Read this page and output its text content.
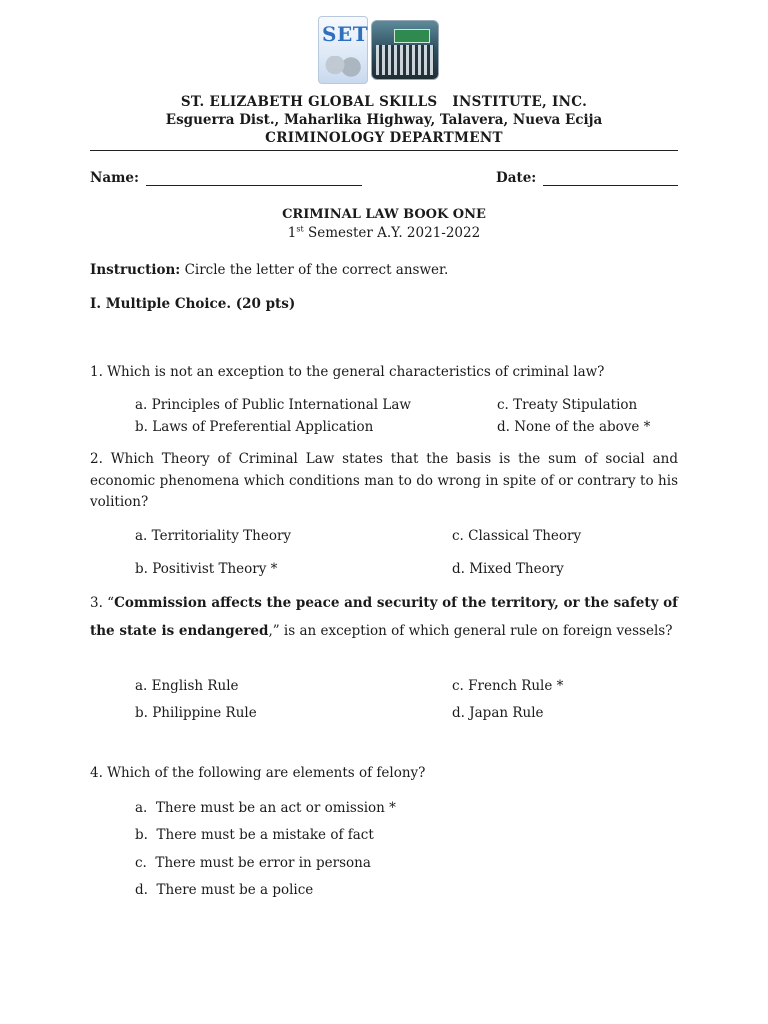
SET
ST. ELIZABETH GLOBAL SKILLS   INSTITUTE, INC.
Esguerra Dist., Maharlika Highway, Talavera, Nueva Ecija
CRIMINOLOGY DEPARTMENT
Name:	Date:
CRIMINAL LAW BOOK ONE
1st Semester A.Y. 2021-2022
Instruction: Circle the letter of the correct answer.
I. Multiple Choice. (20 pts)
1. Which is not an exception to the general characteristics of criminal law?
a. Principles of Public International Law	c. Treaty Stipulation
b. Laws of Preferential Application	d. None of the above *
2. Which Theory of Criminal Law states that the basis is the sum of social and economic phenomena which conditions man to do wrong in spite of or contrary to his volition?
a. Territoriality Theory	c. Classical Theory
b. Positivist Theory *	d. Mixed Theory
3. “Commission affects the peace and security of the territory, or the safety of the state is endangered,” is an exception of which general rule on foreign vessels?
a. English Rule	c. French Rule *
b. Philippine Rule	d. Japan Rule
4. Which of the following are elements of felony?
a.  There must be an act or omission *
b.  There must be a mistake of fact
c.  There must be error in persona
d.  There must be a police
